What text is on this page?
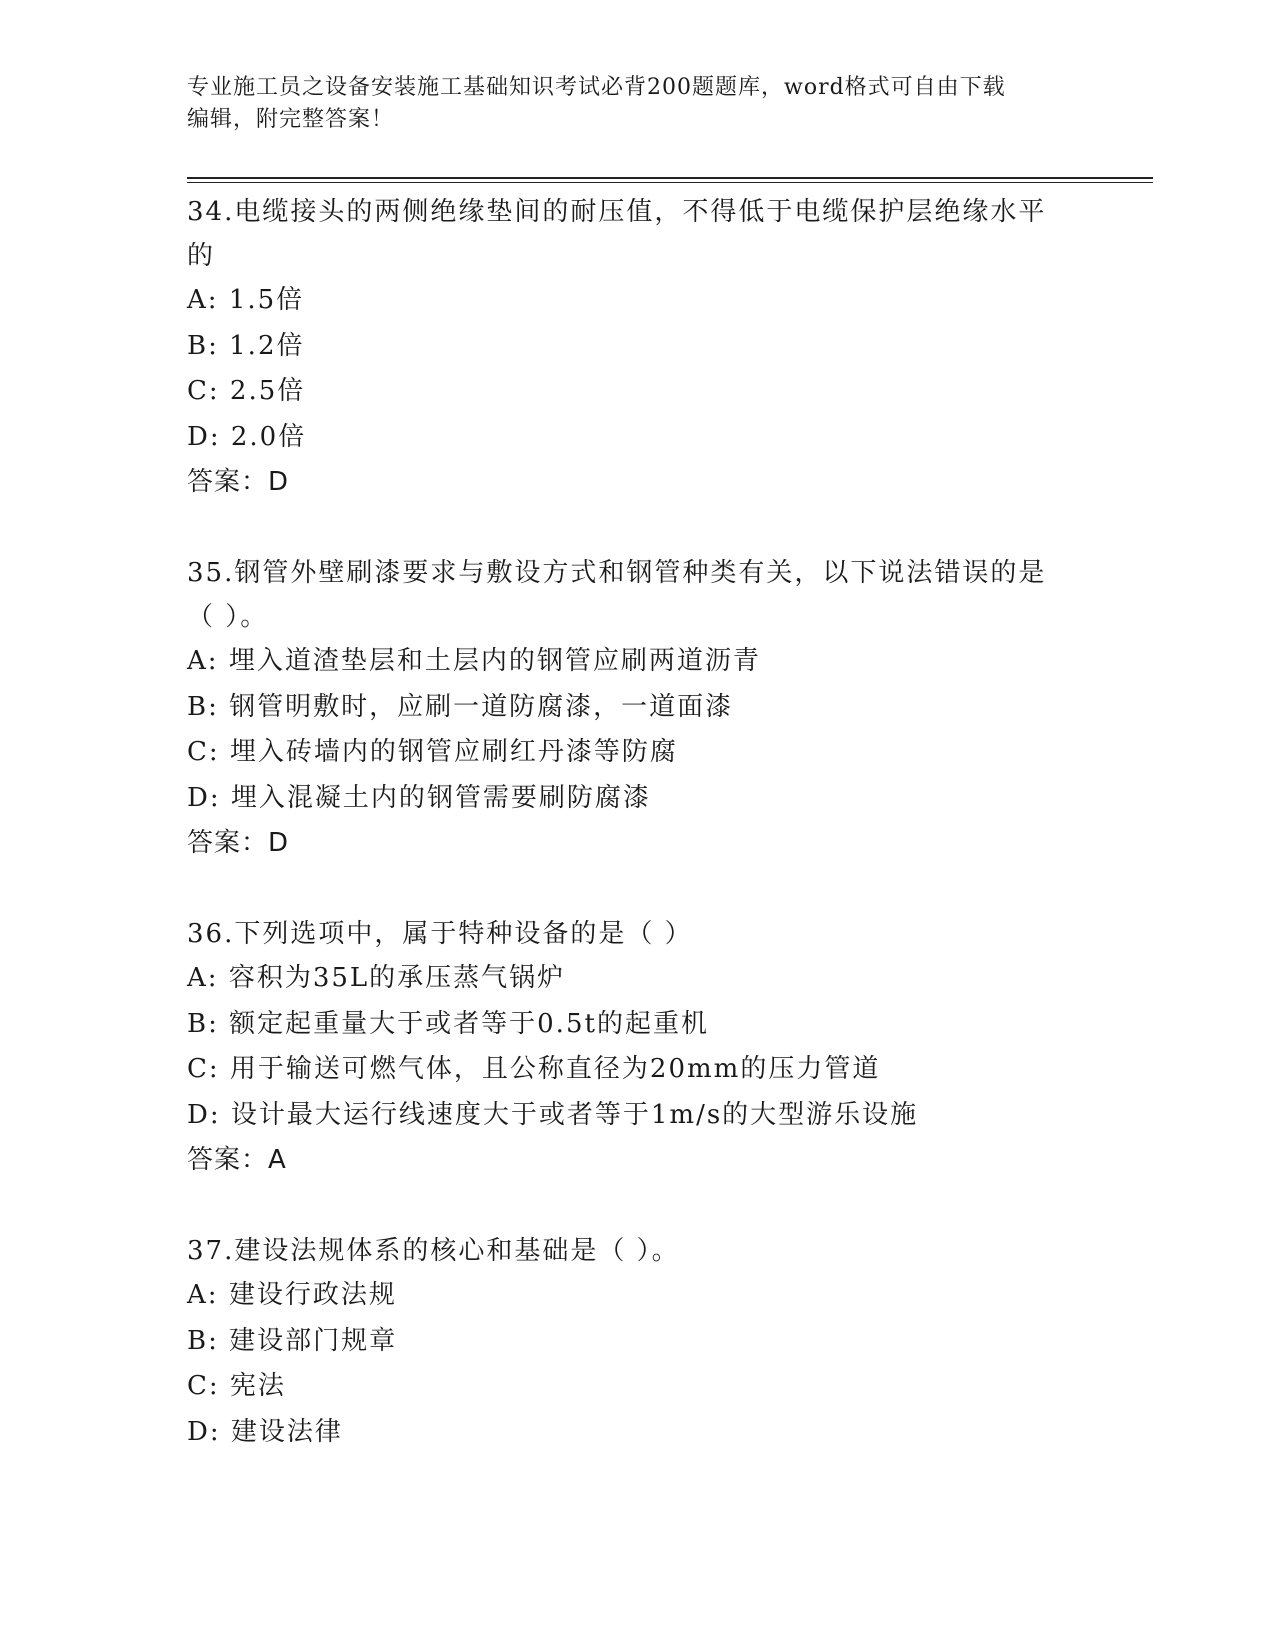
专业施工员之设备安装施工基础知识考试必背200题题库，word格式可自由下载
编辑，附完整答案！
34.电缆接头的两侧绝缘垫间的耐压值，不得低于电缆保护层绝缘水平的
A: 1.5倍
B: 1.2倍
C: 2.5倍
D: 2.0倍
答案：D
35.钢管外壁刷漆要求与敷设方式和钢管种类有关，以下说法错误的是（ ）。
A: 埋入道渣垫层和土层内的钢管应刷两道沥青
B: 钢管明敷时，应刷一道防腐漆，一道面漆
C: 埋入砖墙内的钢管应刷红丹漆等防腐
D: 埋入混凝土内的钢管需要刷防腐漆
答案：D
36.下列选项中，属于特种设备的是（ ）
A: 容积为35L的承压蒸气锅炉
B: 额定起重量大于或者等于0.5t的起重机
C: 用于输送可燃气体，且公称直径为20mm的压力管道
D: 设计最大运行线速度大于或者等于1m/s的大型游乐设施
答案：A
37.建设法规体系的核心和基础是（ ）。
A: 建设行政法规
B: 建设部门规章
C: 宪法
D: 建设法律
